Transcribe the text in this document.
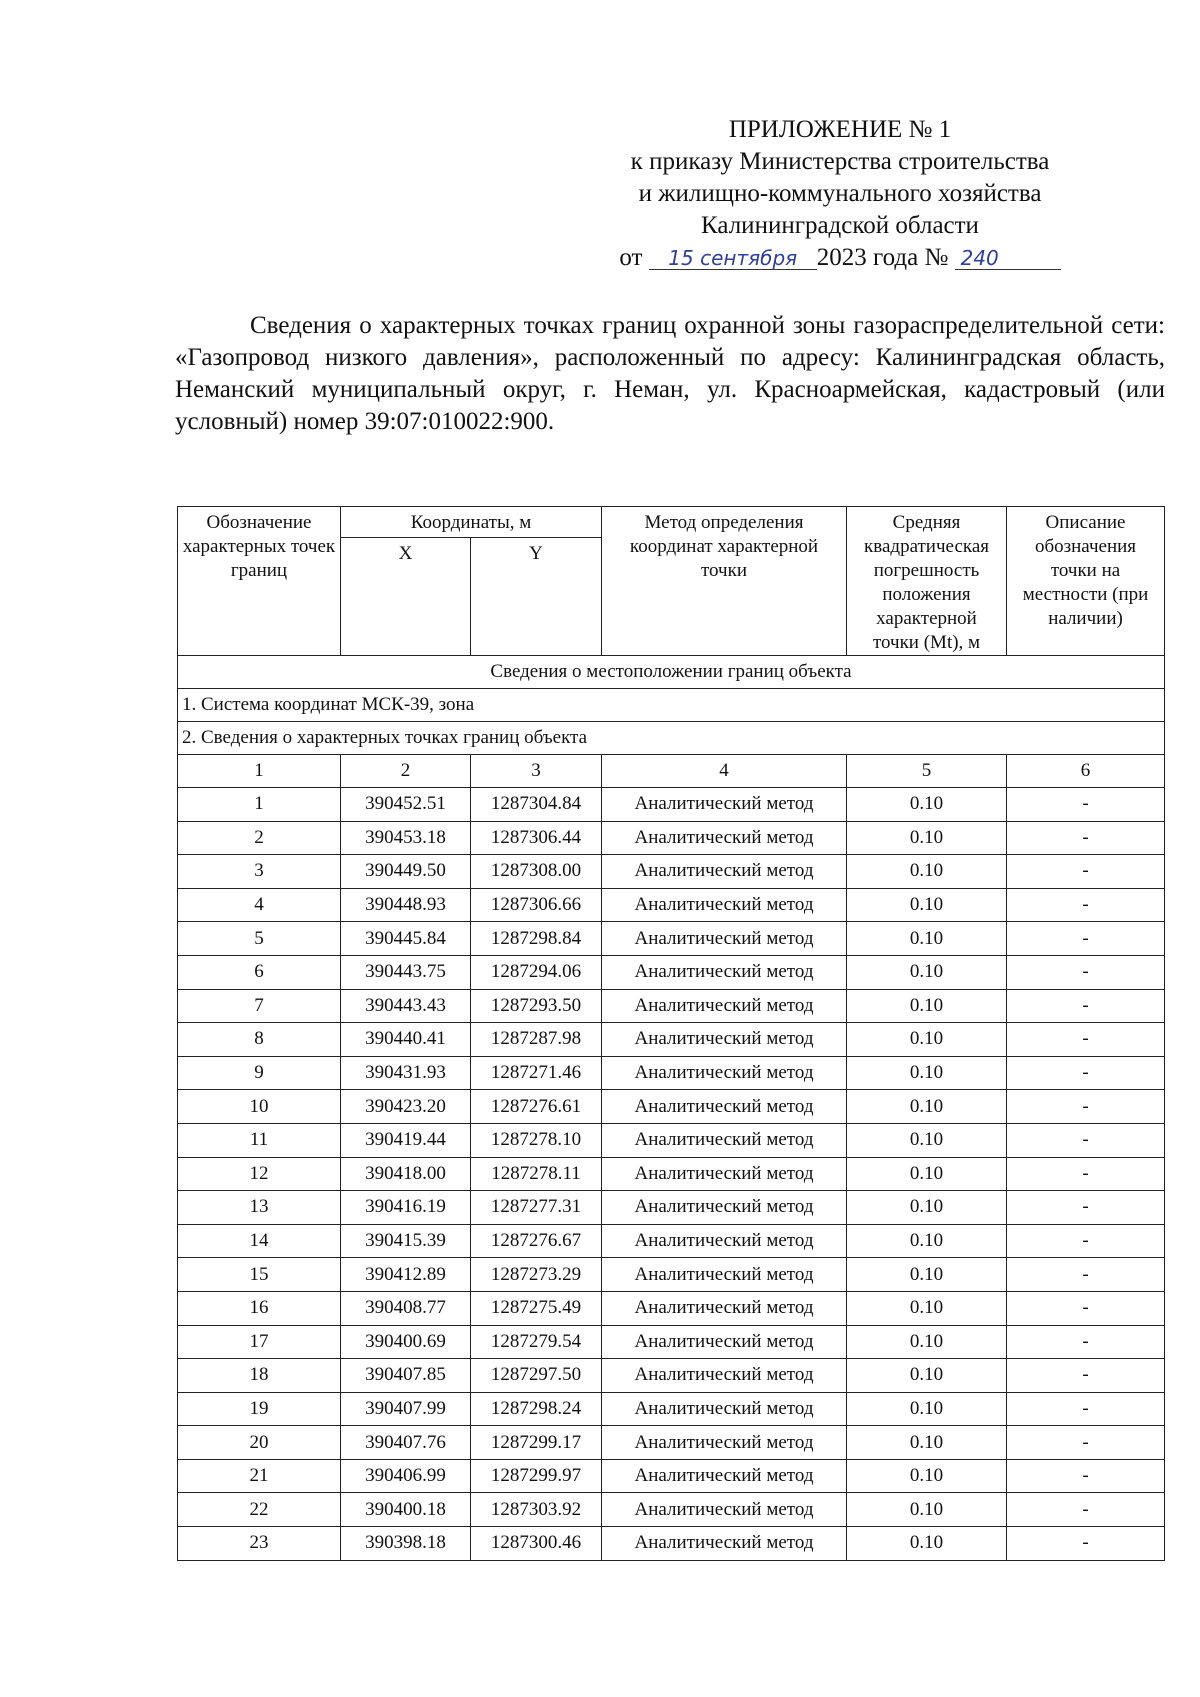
ПРИЛОЖЕНИЕ № 1
к приказу Министерства строительства
и жилищно-коммунального хозяйства
Калининградской области
от 15 сентября 2023 года № 240
Сведения о характерных точках границ охранной зоны газораспределительной сети: «Газопровод низкого давления», расположенный по адресу: Калининградская область, Неманский муниципальный округ, г. Неман, ул. Красноармейская, кадастровый (или условный) номер 39:07:010022:900.
Сведения о местоположении границ объекта					
1. Система координат МСК-39, зона					
2. Сведения о характерных точках границ объекта					
Обозначение характерных точек границ	Координаты, м		Метод определения координат характерной точки	Средняя квадратическая погрешность положения характерной точки (Mt), м	Описание обозначения точки на местности (при наличии)
	X	Y			
1	2	3	4	5	6
1	390452.51	1287304.84	Аналитический метод	0.10	-
2	390453.18	1287306.44	Аналитический метод	0.10	-
3	390449.50	1287308.00	Аналитический метод	0.10	-
4	390448.93	1287306.66	Аналитический метод	0.10	-
5	390445.84	1287298.84	Аналитический метод	0.10	-
6	390443.75	1287294.06	Аналитический метод	0.10	-
7	390443.43	1287293.50	Аналитический метод	0.10	-
8	390440.41	1287287.98	Аналитический метод	0.10	-
9	390431.93	1287271.46	Аналитический метод	0.10	-
10	390423.20	1287276.61	Аналитический метод	0.10	-
11	390419.44	1287278.10	Аналитический метод	0.10	-
12	390418.00	1287278.11	Аналитический метод	0.10	-
13	390416.19	1287277.31	Аналитический метод	0.10	-
14	390415.39	1287276.67	Аналитический метод	0.10	-
15	390412.89	1287273.29	Аналитический метод	0.10	-
16	390408.77	1287275.49	Аналитический метод	0.10	-
17	390400.69	1287279.54	Аналитический метод	0.10	-
18	390407.85	1287297.50	Аналитический метод	0.10	-
19	390407.99	1287298.24	Аналитический метод	0.10	-
20	390407.76	1287299.17	Аналитический метод	0.10	-
21	390406.99	1287299.97	Аналитический метод	0.10	-
22	390400.18	1287303.92	Аналитический метод	0.10	-
23	390398.18	1287300.46	Аналитический метод	0.10	-
